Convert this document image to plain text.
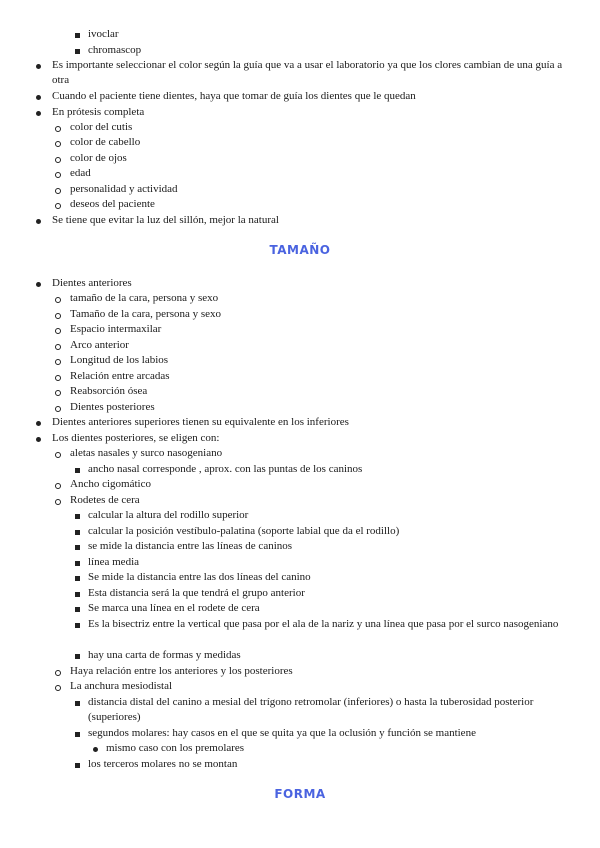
ivoclar
chromascop
Es importante seleccionar el color según la guía que va a usar el laboratorio ya que los clores cambian de una guía a otra
Cuando el paciente tiene dientes, haya que tomar de guía los dientes que le quedan
En prótesis completa
color del cutis
color de cabello
color de ojos
edad
personalidad y actividad
deseos del paciente
Se tiene que evitar la luz del sillón, mejor la natural
TAMAÑO
Dientes anteriores
tamaño de la cara, persona y sexo
Tamaño de la cara, persona y sexo
Espacio intermaxilar
Arco anterior
Longitud de los labios
Relación entre arcadas
Reabsorción ósea
Dientes posteriores
Dientes anteriores superiores tienen su equivalente en los inferiores
Los dientes posteriores, se eligen con:
aletas nasales y surco nasogeniano
ancho nasal corresponde , aprox. con las puntas de los caninos
Ancho cigomático
Rodetes de cera
calcular la altura del rodillo superior
calcular la posición vestíbulo-palatina (soporte labial que da el rodillo)
se mide la distancia entre las líneas de caninos
línea media
Se mide la distancia entre las dos líneas del canino
Esta distancia será la que tendrá el grupo anterior
Se marca una línea en el rodete de cera
Es la bisectriz entre la vertical que pasa por el ala de la nariz y una línea que pasa por el surco nasogeniano
hay una carta de formas y medidas
Haya relación entre los anteriores y los posteriores
La anchura mesiodistal
distancia distal del canino a mesial del trígono retromolar (inferiores) o hasta la tuberosidad posterior (superiores)
segundos molares: hay casos en el que se quita ya que la oclusión y función se mantiene
mismo caso con los premolares
los terceros molares no se montan
FORMA
